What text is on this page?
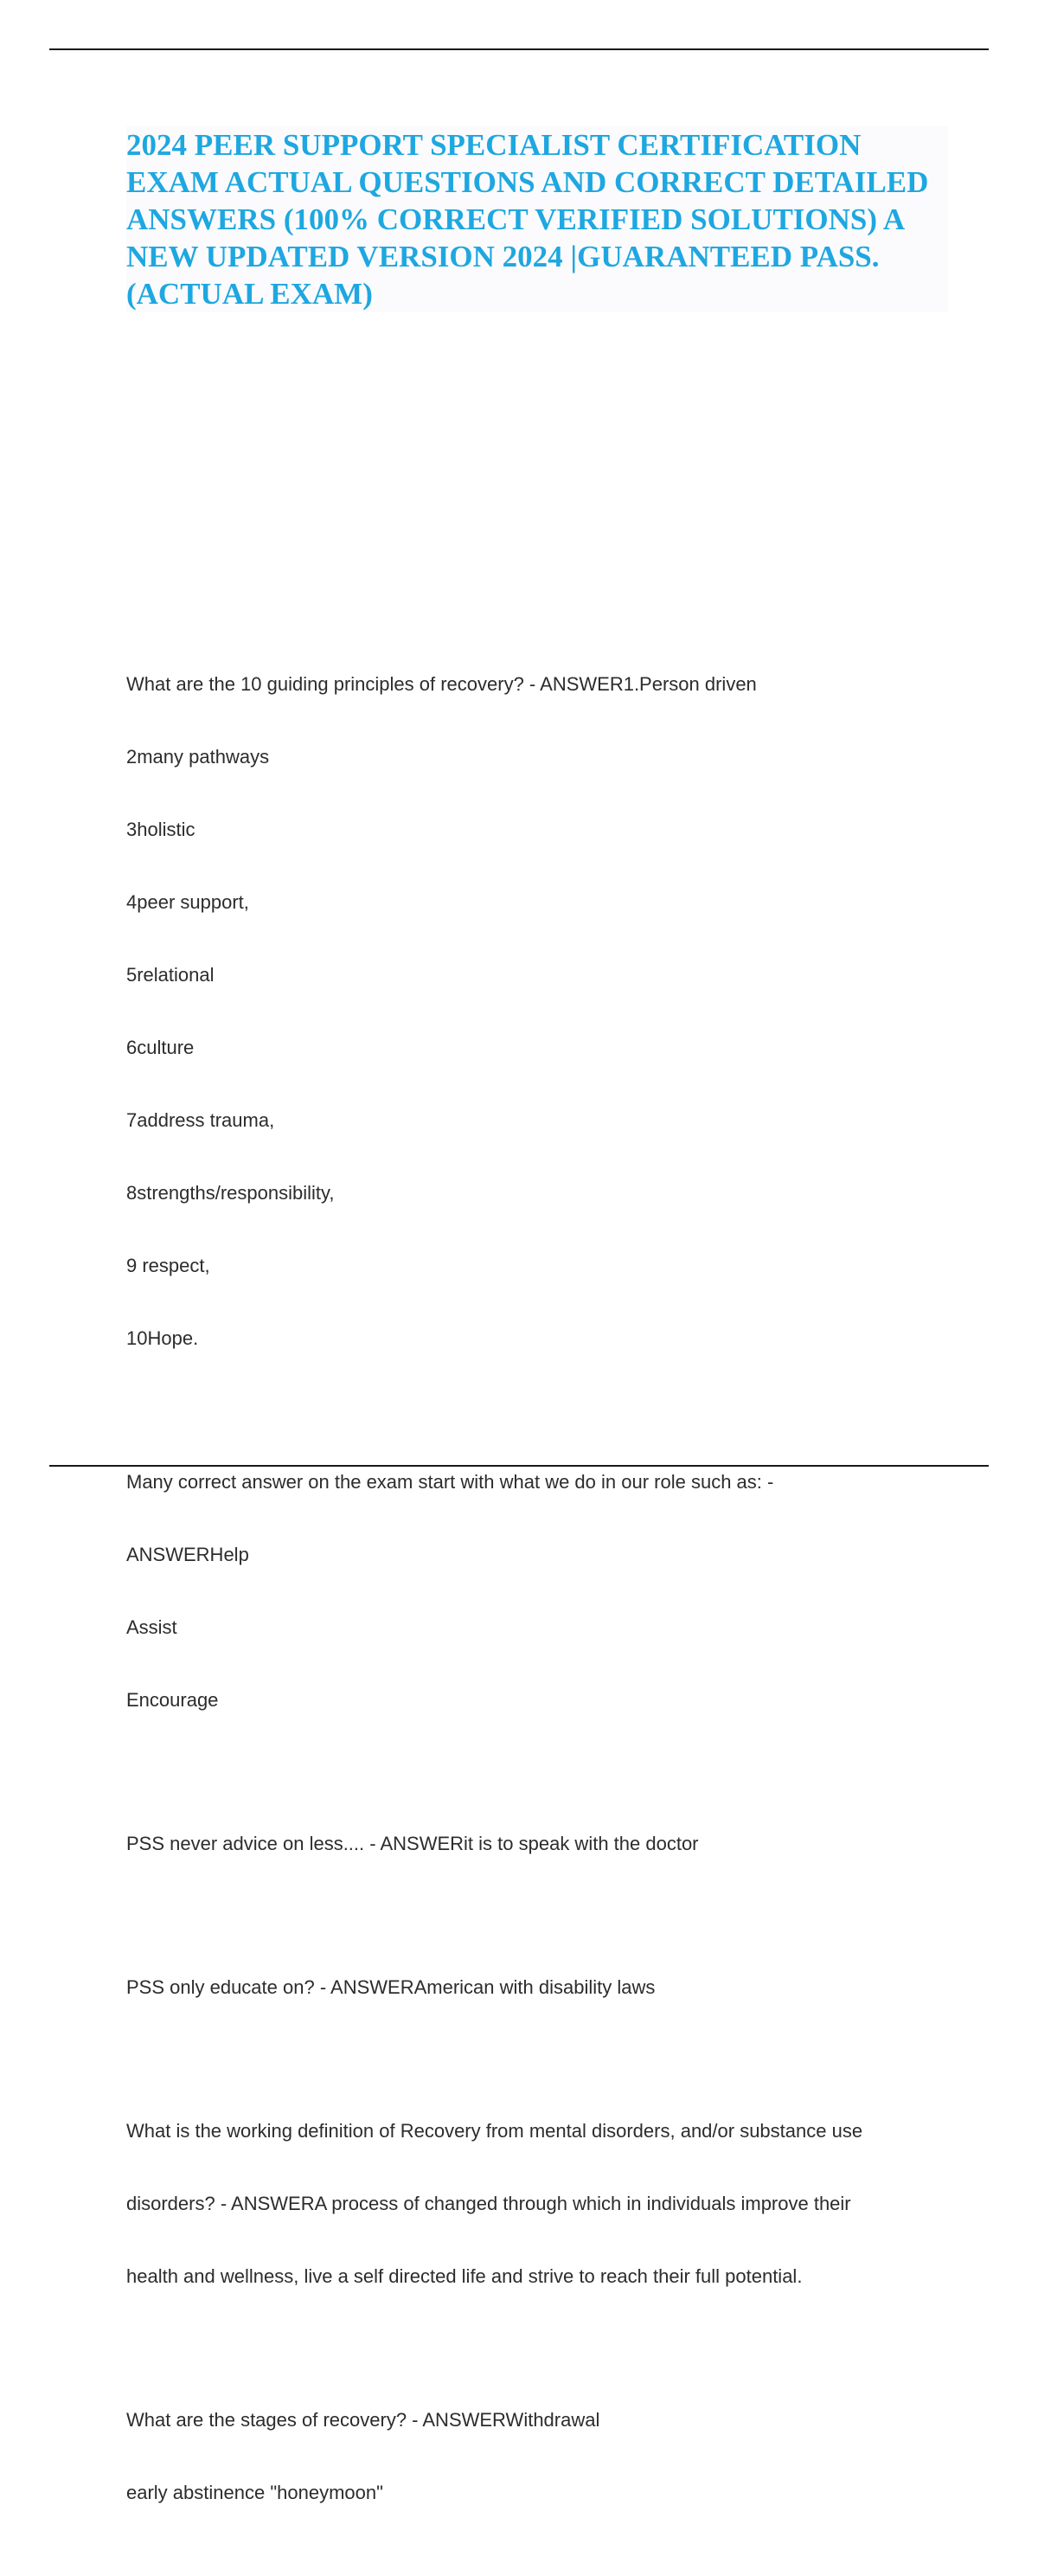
2024 PEER SUPPORT SPECIALIST CERTIFICATION EXAM ACTUAL QUESTIONS AND CORRECT DETAILED ANSWERS (100% CORRECT VERIFIED SOLUTIONS) A NEW UPDATED VERSION 2024 |GUARANTEED PASS. (ACTUAL EXAM)

What are the 10 guiding principles of recovery? - ANSWER1.Person driven

2many pathways

3holistic

4peer support,

5relational

6culture

7address trauma,

8strengths/responsibility,

9 respect,

10Hope.

Many correct answer on the exam start with what we do in our role such as: -

ANSWERHelp

Assist

Encourage

PSS never advice on less.... - ANSWERit is to speak with the doctor

PSS only educate on? - ANSWERAmerican with disability laws

What is the working definition of Recovery from mental disorders, and/or substance use

disorders? - ANSWERA process of changed through which in individuals improve their

health and wellness, live a self directed life and strive to reach their full potential.

What are the stages of recovery? - ANSWERWithdrawal

early abstinence "honeymoon"
